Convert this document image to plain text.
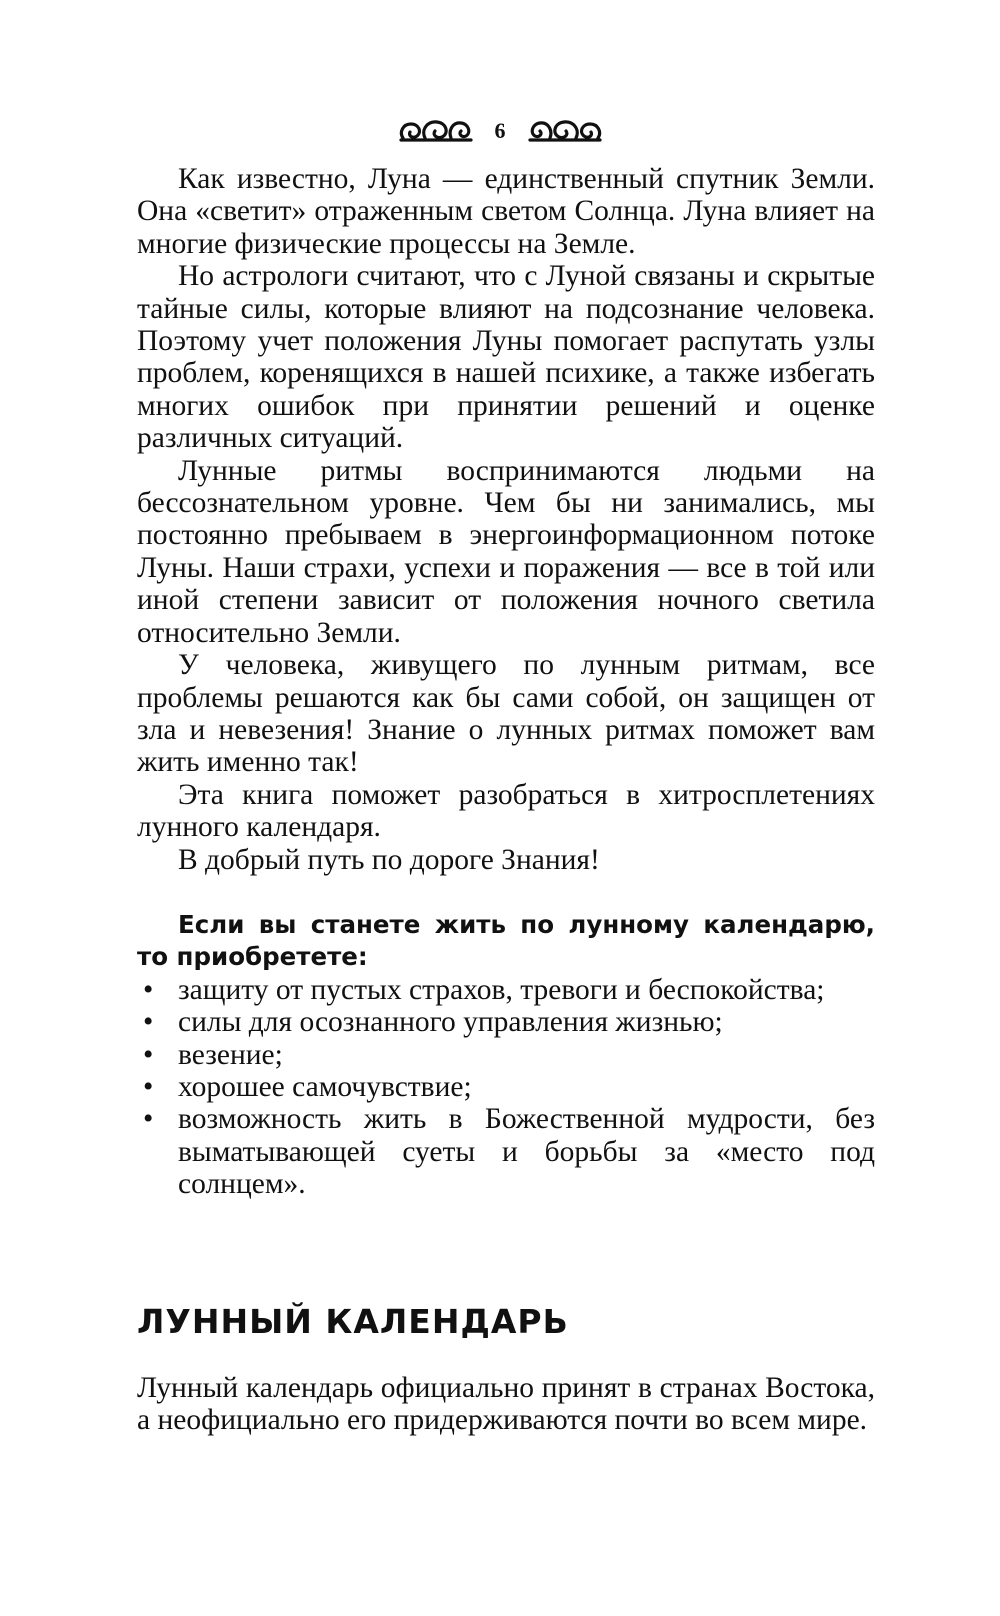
6

Как известно, Луна — единственный спутник Земли. Она «светит» отраженным светом Солнца. Луна влияет на многие физические процессы на Земле.

Но астрологи считают, что с Луной связаны и скрытые тайные силы, которые влияют на подсознание человека. Поэтому учет положения Луны помогает распутать узлы проблем, коренящихся в нашей психике, а также избегать многих ошибок при принятии решений и оценке различных ситуаций.

Лунные ритмы воспринимаются людьми на бессознательном уровне. Чем бы ни занимались, мы постоянно пребываем в энергоинформационном потоке Луны. Наши страхи, успехи и поражения — все в той или иной степени зависит от положения ночного светила относительно Земли.

У человека, живущего по лунным ритмам, все проблемы решаются как бы сами собой, он защищен от зла и невезения! Знание о лунных ритмах поможет вам жить именно так!

Эта книга поможет разобраться в хитросплетениях лунного календаря.

В добрый путь по дороге Знания!

Если вы станете жить по лунному календарю, то приобретете:

• защиту от пустых страхов, тревоги и беспокойства;
• силы для осознанного управления жизнью;
• везение;
• хорошее самочувствие;
• возможность жить в Божественной мудрости, без выматывающей суеты и борьбы за «место под солнцем».
ЛУННЫЙ КАЛЕНДАРЬ

Лунный календарь официально принят в странах Востока, а неофициально его придерживаются почти во всем мире.
